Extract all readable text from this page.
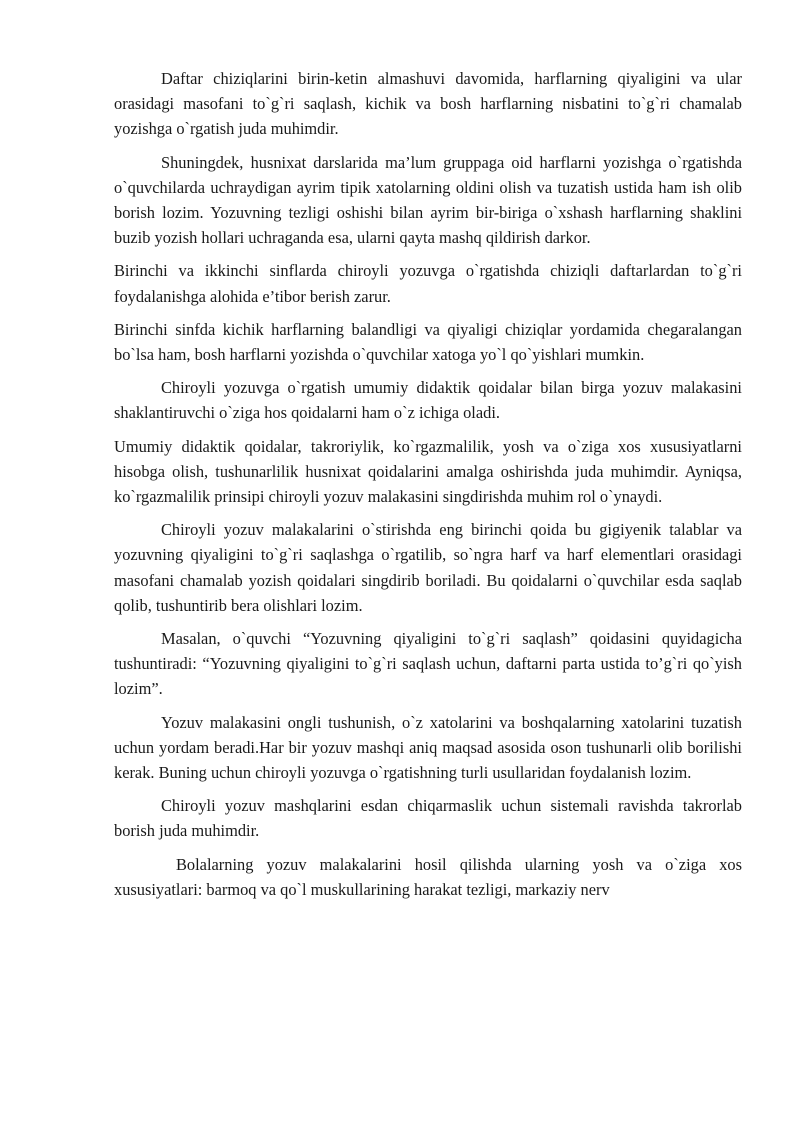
Daftar chiziqlarini birin-ketin almashuvi davomida, harflarning qiyaligini va ular orasidagi masofani to`g`ri saqlash, kichik va bosh harflarning nisbatini to`g`ri chamalab yozishga o`rgatish juda muhimdir.

Shuningdek, husnixat darslarida ma’lum gruppaga oid harflarni yozishga o`rgatishda o`quvchilarda uchraydigan ayrim tipik xatolarning oldini olish va tuzatish ustida ham ish olib borish lozim. Yozuvning tezligi oshishi bilan ayrim bir-biriga o`xshash harflarning shaklini buzib yozish hollari uchraganda esa, ularni qayta mashq qildirish darkor.

Birinchi va ikkinchi sinflarda chiroyli yozuvga o`rgatishda chiziqli daftarlardan to`g`ri foydalanishga alohida e’tibor berish zarur.

Birinchi sinfda kichik harflarning balandligi va qiyaligi chiziqlar yordamida chegaralangan bo`lsa ham, bosh harflarni yozishda o`quvchilar xatoga yo`l qo`yishlari mumkin.

Chiroyli yozuvga o`rgatish umumiy didaktik qoidalar bilan birga yozuv malakasini shaklantiruvchi o`ziga hos qoidalarni ham o`z ichiga oladi.

Umumiy didaktik qoidalar, takroriylik, ko`rgazmalilik, yosh va o`ziga xos xususiyatlarni hisobga olish, tushunarlilik husnixat qoidalarini amalga oshirishda juda muhimdir. Ayniqsa, ko`rgazmalilik prinsipi chiroyli yozuv malakasini singdirishda muhim rol o`ynaydi.

Chiroyli yozuv malakalarini o`stirishda eng birinchi qoida bu gigiyenik talablar va yozuvning qiyaligini to`g`ri saqlashga o`rgatilib, so`ngra harf va harf elementlari orasidagi masofani chamalab yozish qoidalari singdirib boriladi. Bu qoidalarni o`quvchilar esda saqlab qolib, tushuntirib bera olishlari lozim.

Masalan, o`quvchi “Yozuvning qiyaligini to`g`ri saqlash” qoidasini quyidagicha tushuntiradi: “Yozuvning qiyaligini to`g`ri saqlash uchun, daftarni parta ustida to’g`ri qo`yish lozim”.

Yozuv malakasini ongli tushunish, o`z xatolarini va boshqalarning xatolarini tuzatish uchun yordam beradi.Har bir yozuv mashqi aniq maqsad asosida oson tushunarli olib borilishi kerak. Buning uchun chiroyli yozuvga o`rgatishning turli usullaridan foydalanish lozim.

Chiroyli yozuv mashqlarini esdan chiqarmaslik uchun sistemali ravishda takrorlab borish juda muhimdir.

Bolalarning yozuv malakalarini hosil qilishda ularning yosh va o`ziga xos xususiyatlari: barmoq va qo`l muskullarining harakat tezligi, markaziy nerv
